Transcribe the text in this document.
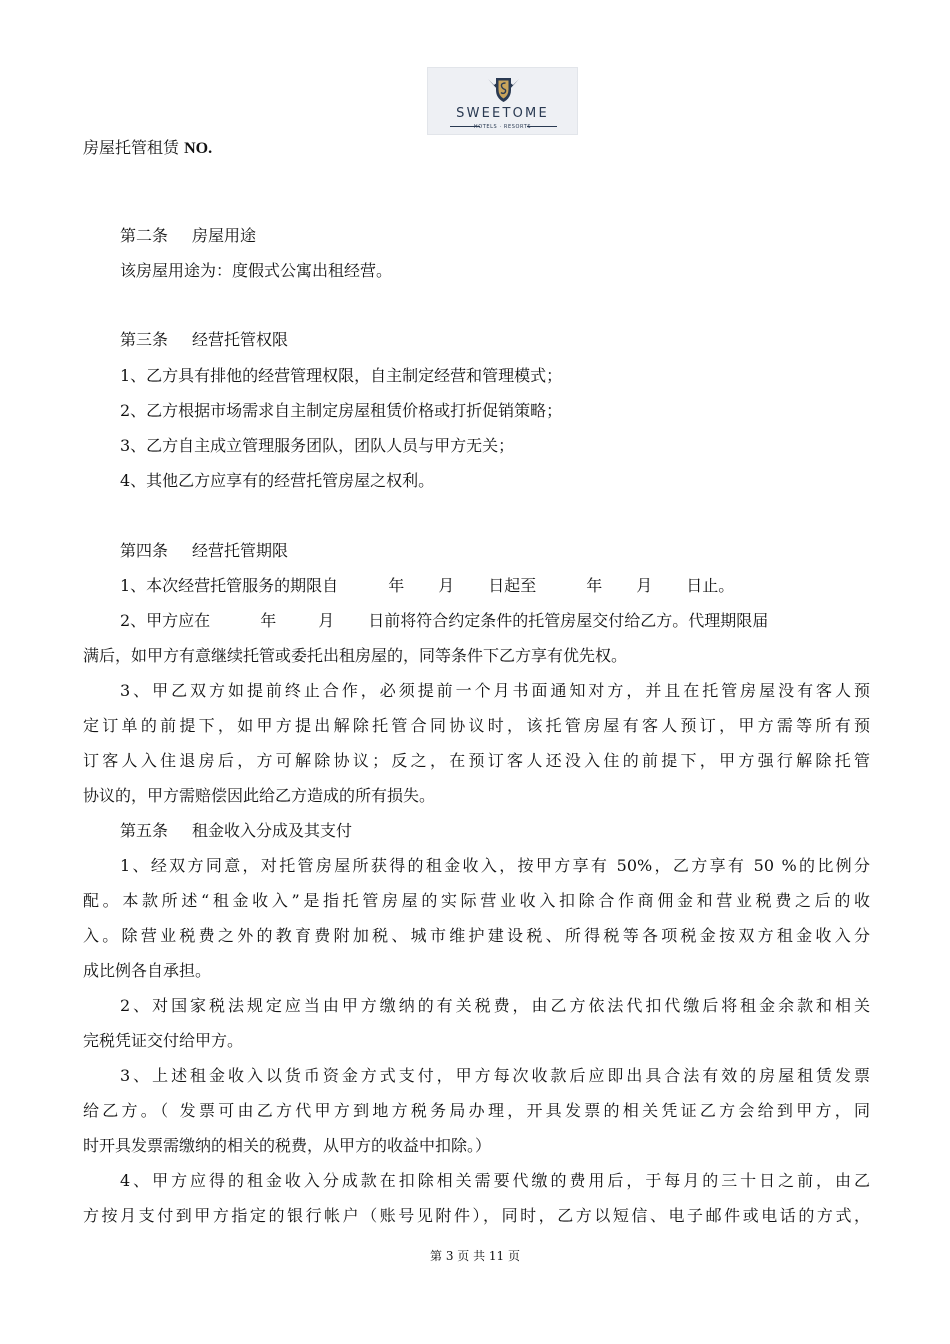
SWEETOME
HOTELS · RESORTS
房屋托管租赁 NO.
第二条 房屋用途
该房屋用途为：度假式公寓出租经营。
第三条 经营托管权限
1、乙方具有排他的经营管理权限，自主制定经营和管理模式；
2、乙方根据市场需求自主制定房屋租赁价格或打折促销策略；
3、乙方自主成立管理服务团队，团队人员与甲方无关；
4、其他乙方应享有的经营托管房屋之权利。
第四条 经营托管期限
1、本次经营托管服务的期限自	年 月 日起至	年 月 日止。
2、甲方应在	年	月 日前将符合约定条件的托管房屋交付给乙方。代理期限届
满后，如甲方有意继续托管或委托出租房屋的，同等条件下乙方享有优先权。
3、甲乙双方如提前终止合作，必须提前一个月书面通知对方，并且在托管房屋没有客人预
定订单的前提下，如甲方提出解除托管合同协议时，该托管房屋有客人预订，甲方需等所有预
订客人入住退房后，方可解除协议；反之，在预订客人还没入住的前提下，甲方强行解除托管
协议的，甲方需赔偿因此给乙方造成的所有损失。
第五条 租金收入分成及其支付
1、经双方同意，对托管房屋所获得的租金收入，按甲方享有 50%，乙方享有 50 %的比例分
配。本款所述“租金收入”是指托管房屋的实际营业收入扣除合作商佣金和营业税费之后的收
入。除营业税费之外的教育费附加税、城市维护建设税、所得税等各项税金按双方租金收入分
成比例各自承担。
2、对国家税法规定应当由甲方缴纳的有关税费，由乙方依法代扣代缴后将租金余款和相关
完税凭证交付给甲方。
3、上述租金收入以货币资金方式支付，甲方每次收款后应即出具合法有效的房屋租赁发票
给乙方。（ 发票可由乙方代甲方到地方税务局办理，开具发票的相关凭证乙方会给到甲方，同
时开具发票需缴纳的相关的税费，从甲方的收益中扣除。）
4、甲方应得的租金收入分成款在扣除相关需要代缴的费用后，于每月的三十日之前，由乙
方按月支付到甲方指定的银行帐户（账号见附件），同时，乙方以短信、电子邮件或电话的方式，
第 3 页 共 11 页
